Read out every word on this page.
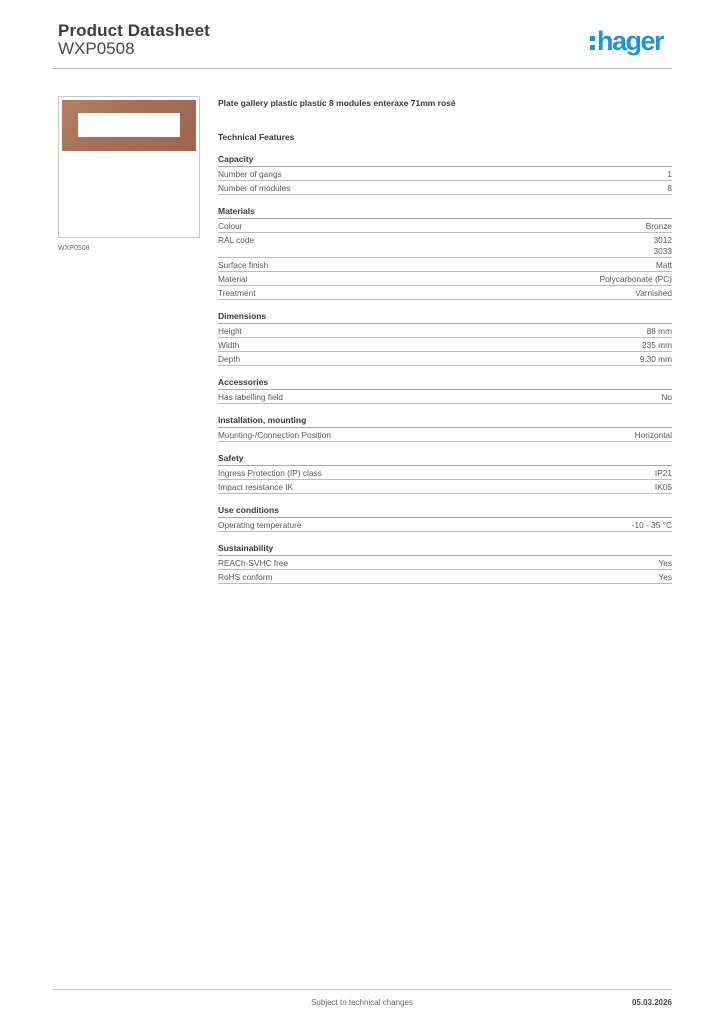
Product Datasheet
WXP0508	hager
WXP0508
Plate gallery plastic plastic 8 modules enteraxe 71mm rosé
Technical Features
Capacity
Number of gangs	1
Number of modules	8
Materials
Colour	Bronze
RAL code	3012
3033
Surface finish	Matt
Material	Polycarbonate (PC)
Treatment	Varnished
Dimensions
Height	88 mm
Width	235 mm
Depth	9.30 mm
Accessories
Has labelling field	No
Installation, mounting
Mounting-/Connection Position	Horizontal
Safety
Ingress Protection (IP) class	IP21
Impact resistance IK	IK05
Use conditions
Operating temperature	-10 - 35 °C
Sustainability
REACh-SVHC free	Yes
RoHS conform	Yes
Subject to technical changes	05.03.2026
